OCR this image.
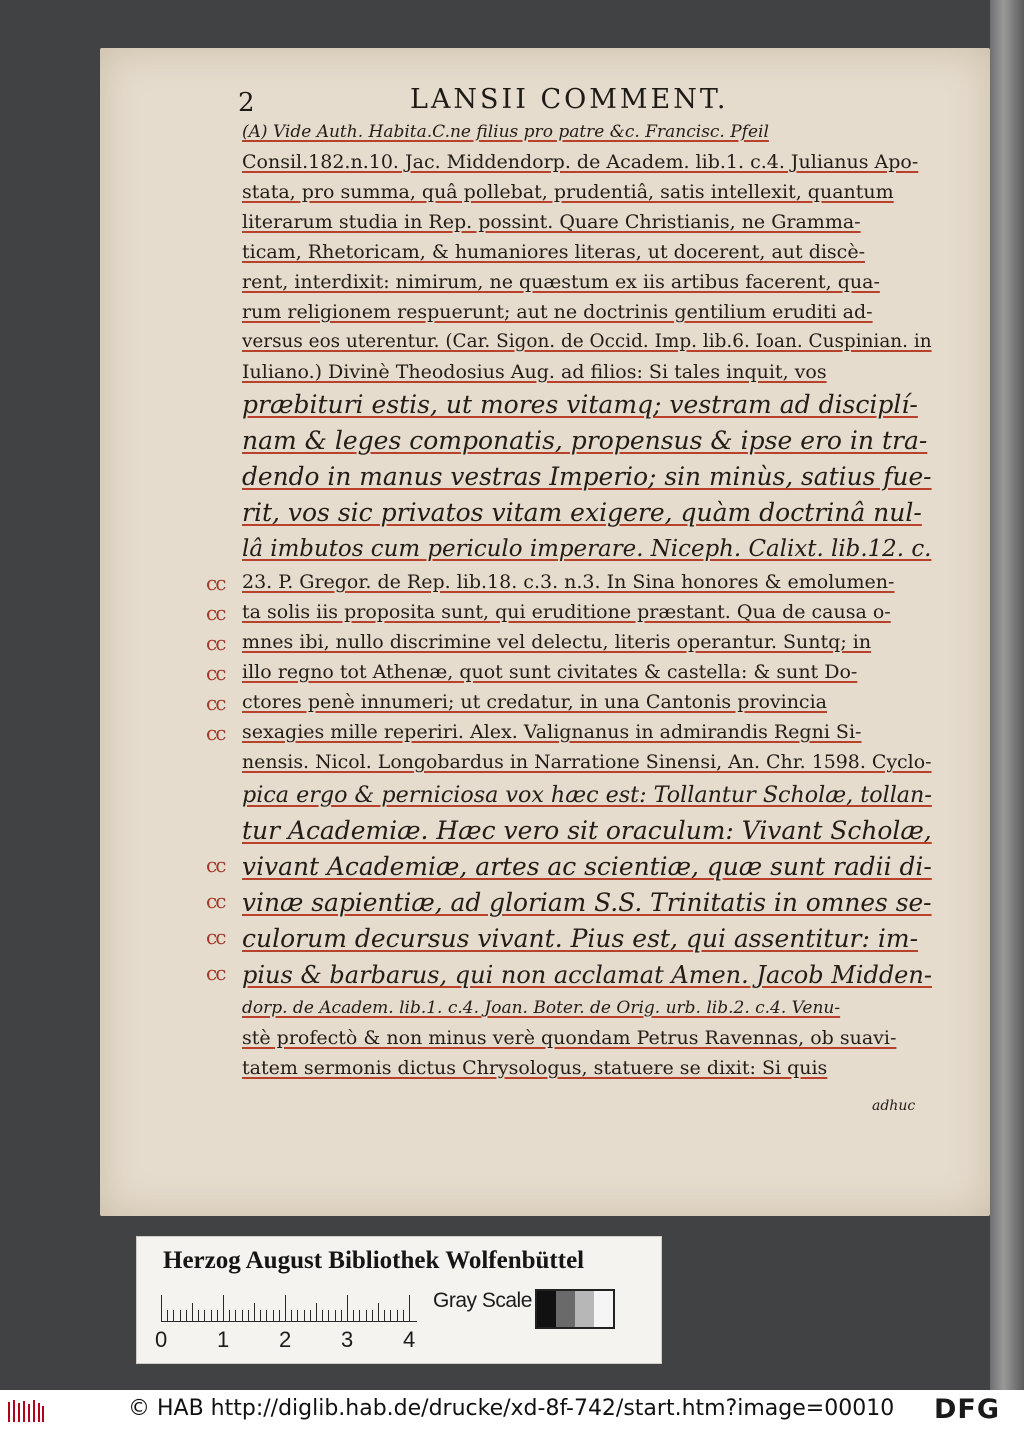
2	LANSII COMMENT.
cc
cc
cc
cc
cc
cc
cc
cc
cc
cc
(A) Vide Auth. Habita.C.ne filius pro patre &c. Francisc. Pfeil
Consil.182.n.10. Jac. Middendorp. de Academ. lib.1. c.4. Julianus Apo-
stata, pro summa, quâ pollebat, prudentiâ, satis intellexit, quantum
literarum studia in Rep. possint. Quare Christianis, ne Gramma-
ticam, Rhetoricam, & humaniores literas, ut docerent, aut discè-
rent, interdixit: nimirum, ne quæstum ex iis artibus facerent, qua-
rum religionem respuerunt; aut ne doctrinis gentilium eruditi ad-
versus eos uterentur. (Car. Sigon. de Occid. Imp. lib.6. Ioan. Cuspinian. in
Iuliano.) Divinè Theodosius Aug. ad filios: Si tales inquit, vos
præbituri estis, ut mores vitamq; vestram ad disciplí-
nam & leges componatis, propensus & ipse ero in tra-
dendo in manus vestras Imperio; sin minùs, satius fue-
rit, vos sic privatos vitam exigere, quàm doctrinâ nul-
lâ imbutos cum periculo imperare. Niceph. Calixt. lib.12. c.
23. P. Gregor. de Rep. lib.18. c.3. n.3. In Sina honores & emolumen-
ta solis iis proposita sunt, qui eruditione præstant. Qua de causa o-
mnes ibi, nullo discrimine vel delectu, literis operantur. Suntq; in
illo regno tot Athenæ, quot sunt civitates & castella: & sunt Do-
ctores penè innumeri; ut credatur, in una Cantonis provincia
sexagies mille reperiri. Alex. Valignanus in admirandis Regni Si-
nensis. Nicol. Longobardus in Narratione Sinensi, An. Chr. 1598. Cyclo-
pica ergo & perniciosa vox hæc est: Tollantur Scholæ, tollan-
tur Academiæ. Hæc vero sit oraculum: Vivant Scholæ,
vivant Academiæ, artes ac scientiæ, quæ sunt radii di-
vinæ sapientiæ, ad gloriam S.S. Trinitatis in omnes se-
culorum decursus vivant. Pius est, qui assentitur: im-
pius & barbarus, qui non acclamat Amen. Jacob Midden-
dorp. de Academ. lib.1. c.4. Joan. Boter. de Orig. urb. lib.2. c.4. Venu-
stè profectò & non minus verè quondam Petrus Ravennas, ob suavi-
tatem sermonis dictus Chrysologus, statuere se dixit: Si quis
adhuc
Herzog August Bibliothek Wolfenbüttel
0 1 2 3 4
Gray Scale
© HAB http://diglib.hab.de/drucke/xd-8f-742/start.htm?image=00010 DFG
